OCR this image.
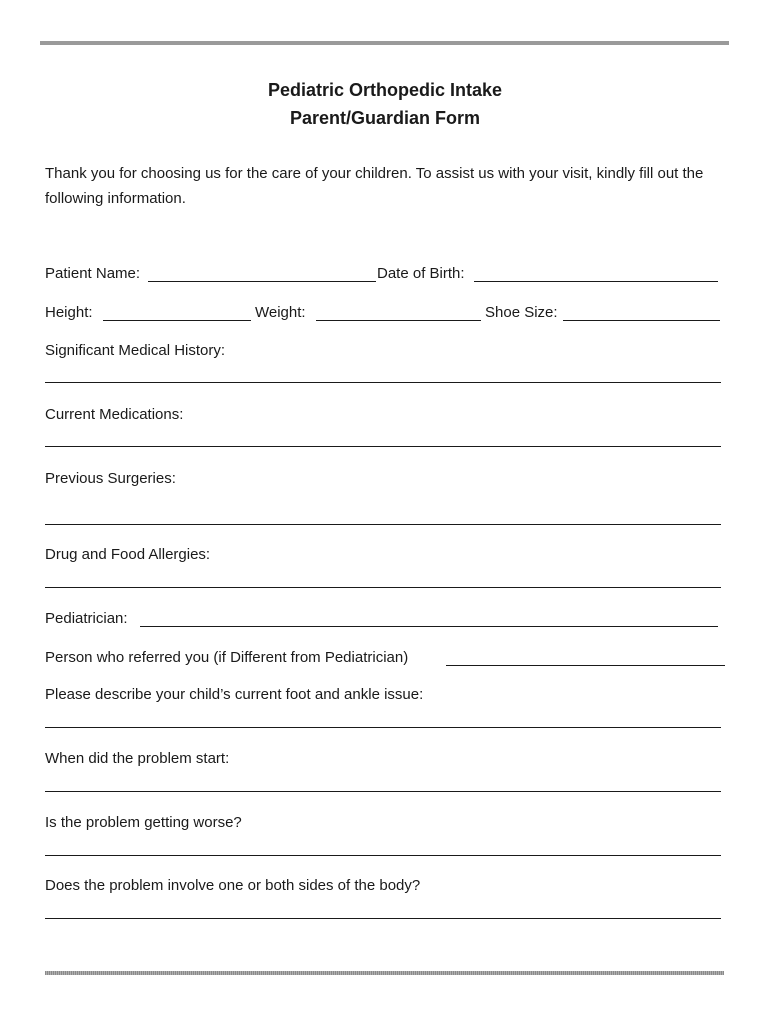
Pediatric Orthopedic Intake
Parent/Guardian Form
Thank you for choosing us for the care of your children. To assist us with your visit, kindly fill out the following information.
Patient Name:	Date of Birth:
Height:	Weight:	Shoe Size:
Significant Medical History:
Current Medications:
Previous Surgeries:
Drug and Food Allergies:
Pediatrician:
Person who referred you (if Different from Pediatrician)
Please describe your child’s current foot and ankle issue:
When did the problem start:
Is the problem getting worse?
Does the problem involve one or both sides of the body?
